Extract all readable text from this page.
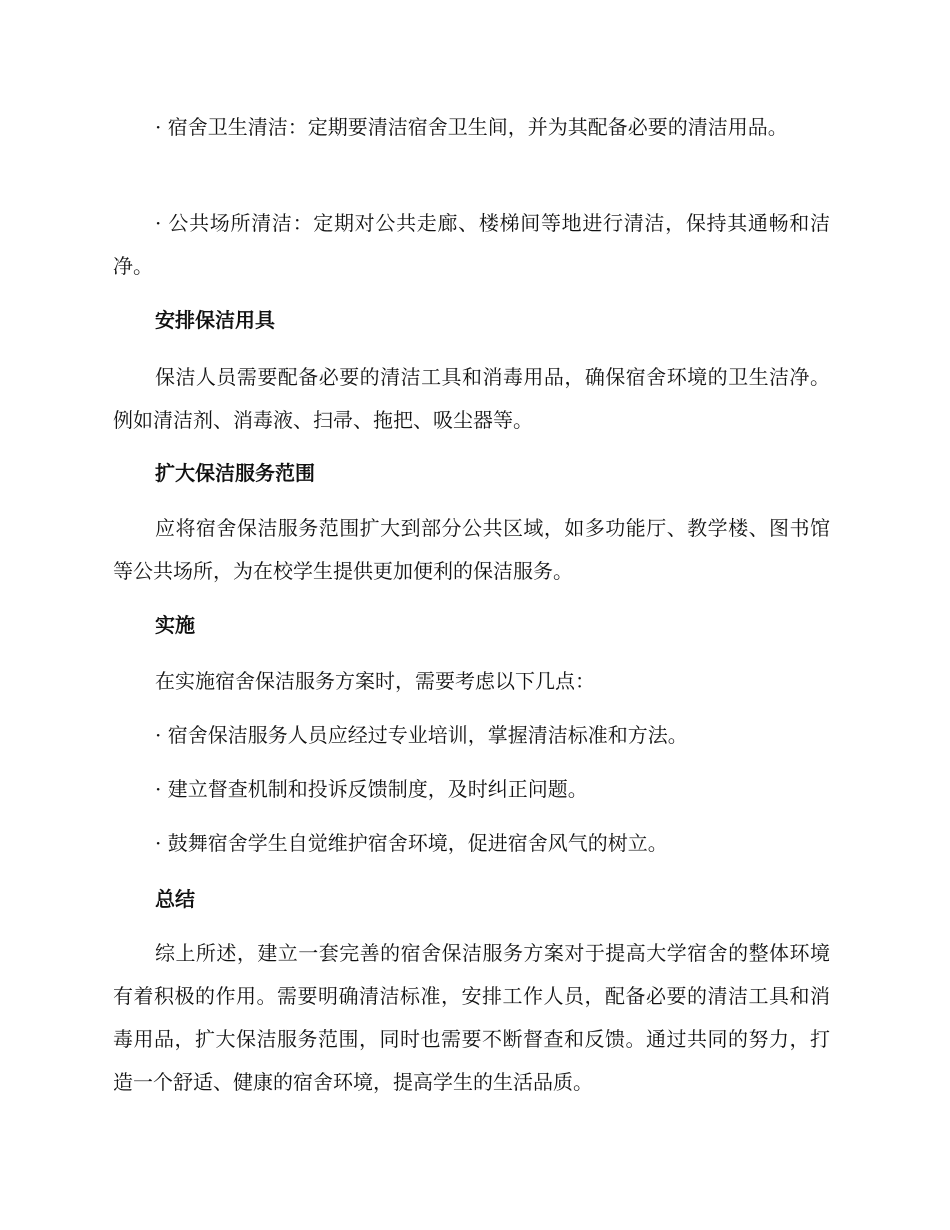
· 宿舍卫生清洁：定期要清洁宿舍卫生间，并为其配备必要的清洁用品。

· 公共场所清洁：定期对公共走廊、楼梯间等地进行清洁，保持其通畅和洁净。

安排保洁用具

保洁人员需要配备必要的清洁工具和消毒用品，确保宿舍环境的卫生洁净。例如清洁剂、消毒液、扫帚、拖把、吸尘器等。

扩大保洁服务范围

应将宿舍保洁服务范围扩大到部分公共区域，如多功能厅、教学楼、图书馆等公共场所，为在校学生提供更加便利的保洁服务。

实施

在实施宿舍保洁服务方案时，需要考虑以下几点：

· 宿舍保洁服务人员应经过专业培训，掌握清洁标准和方法。

· 建立督查机制和投诉反馈制度，及时纠正问题。

· 鼓舞宿舍学生自觉维护宿舍环境，促进宿舍风气的树立。

总结

综上所述，建立一套完善的宿舍保洁服务方案对于提高大学宿舍的整体环境有着积极的作用。需要明确清洁标准，安排工作人员，配备必要的清洁工具和消毒用品，扩大保洁服务范围，同时也需要不断督查和反馈。通过共同的努力，打造一个舒适、健康的宿舍环境，提高学生的生活品质。
